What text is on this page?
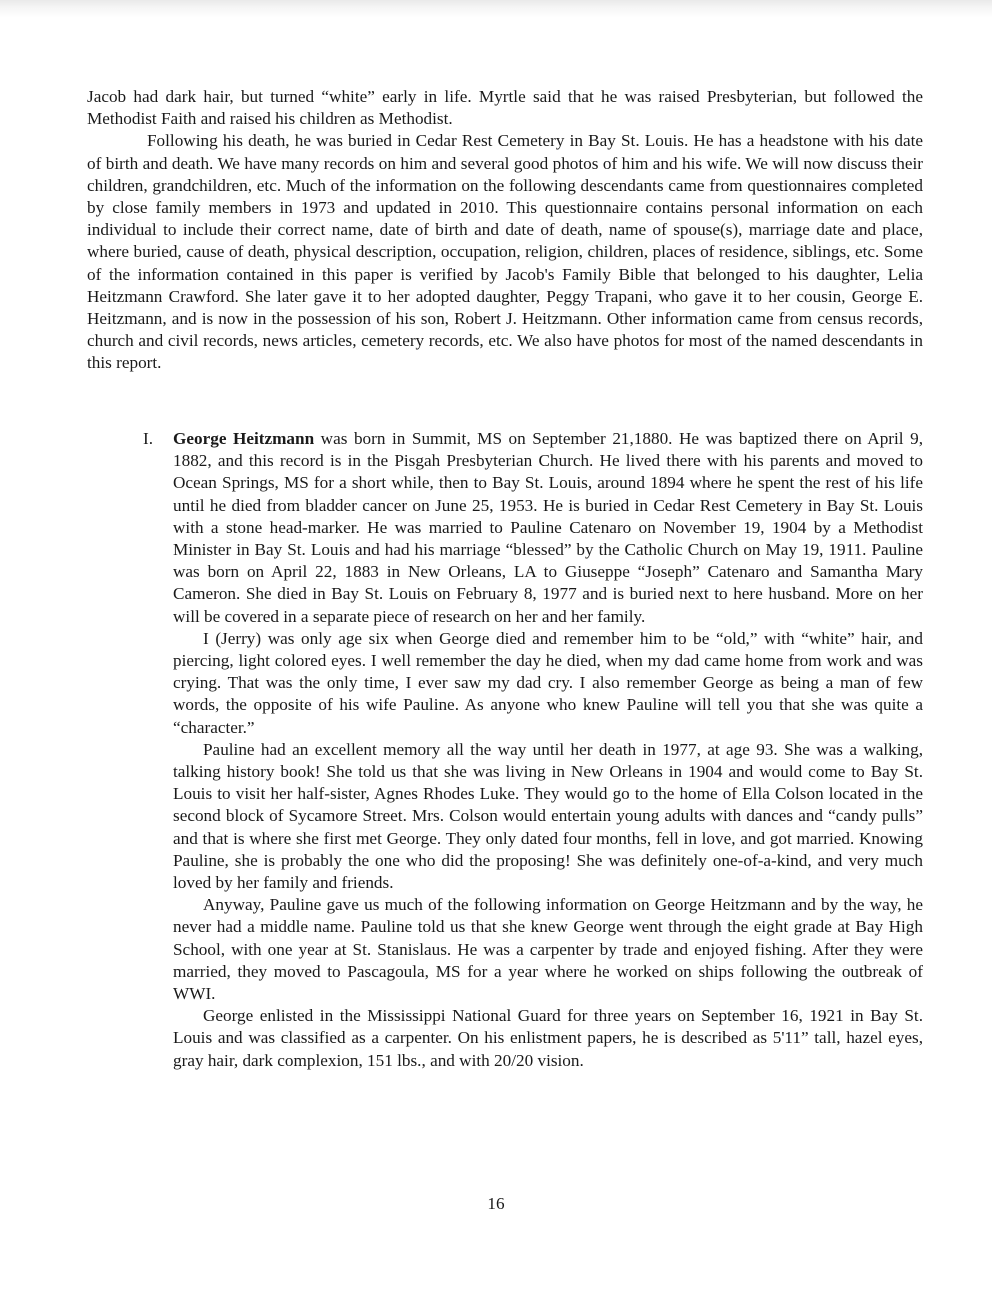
Jacob had dark hair, but turned “white” early in life. Myrtle said that he was raised Presbyterian, but followed the Methodist Faith and raised his children as Methodist.

Following his death, he was buried in Cedar Rest Cemetery in Bay St. Louis. He has a headstone with his date of birth and death. We have many records on him and several good photos of him and his wife. We will now discuss their children, grandchildren, etc. Much of the information on the following descendants came from questionnaires completed by close family members in 1973 and updated in 2010. This questionnaire contains personal information on each individual to include their correct name, date of birth and date of death, name of spouse(s), marriage date and place, where buried, cause of death, physical description, occupation, religion, children, places of residence, siblings, etc. Some of the information contained in this paper is verified by Jacob's Family Bible that belonged to his daughter, Lelia Heitzmann Crawford. She later gave it to her adopted daughter, Peggy Trapani, who gave it to her cousin, George E. Heitzmann, and is now in the possession of his son, Robert J. Heitzmann. Other information came from census records, church and civil records, news articles, cemetery records, etc. We also have photos for most of the named descendants in this report.

I. George Heitzmann was born in Summit, MS on September 21,1880. He was baptized there on April 9, 1882, and this record is in the Pisgah Presbyterian Church. He lived there with his parents and moved to Ocean Springs, MS for a short while, then to Bay St. Louis, around 1894 where he spent the rest of his life until he died from bladder cancer on June 25, 1953. He is buried in Cedar Rest Cemetery in Bay St. Louis with a stone head-marker. He was married to Pauline Catenaro on November 19, 1904 by a Methodist Minister in Bay St. Louis and had his marriage “blessed” by the Catholic Church on May 19, 1911. Pauline was born on April 22, 1883 in New Orleans, LA to Giuseppe “Joseph” Catenaro and Samantha Mary Cameron. She died in Bay St. Louis on February 8, 1977 and is buried next to here husband. More on her will be covered in a separate piece of research on her and her family.

I (Jerry) was only age six when George died and remember him to be “old,” with “white” hair, and piercing, light colored eyes. I well remember the day he died, when my dad came home from work and was crying. That was the only time, I ever saw my dad cry. I also remember George as being a man of few words, the opposite of his wife Pauline. As anyone who knew Pauline will tell you that she was quite a “character.”

Pauline had an excellent memory all the way until her death in 1977, at age 93. She was a walking, talking history book! She told us that she was living in New Orleans in 1904 and would come to Bay St. Louis to visit her half-sister, Agnes Rhodes Luke. They would go to the home of Ella Colson located in the second block of Sycamore Street. Mrs. Colson would entertain young adults with dances and “candy pulls” and that is where she first met George. They only dated four months, fell in love, and got married. Knowing Pauline, she is probably the one who did the proposing! She was definitely one-of-a-kind, and very much loved by her family and friends.

Anyway, Pauline gave us much of the following information on George Heitzmann and by the way, he never had a middle name. Pauline told us that she knew George went through the eight grade at Bay High School, with one year at St. Stanislaus. He was a carpenter by trade and enjoyed fishing. After they were married, they moved to Pascagoula, MS for a year where he worked on ships following the outbreak of WWI.

George enlisted in the Mississippi National Guard for three years on September 16, 1921 in Bay St. Louis and was classified as a carpenter. On his enlistment papers, he is described as 5'11” tall, hazel eyes, gray hair, dark complexion, 151 lbs., and with 20/20 vision.

16
